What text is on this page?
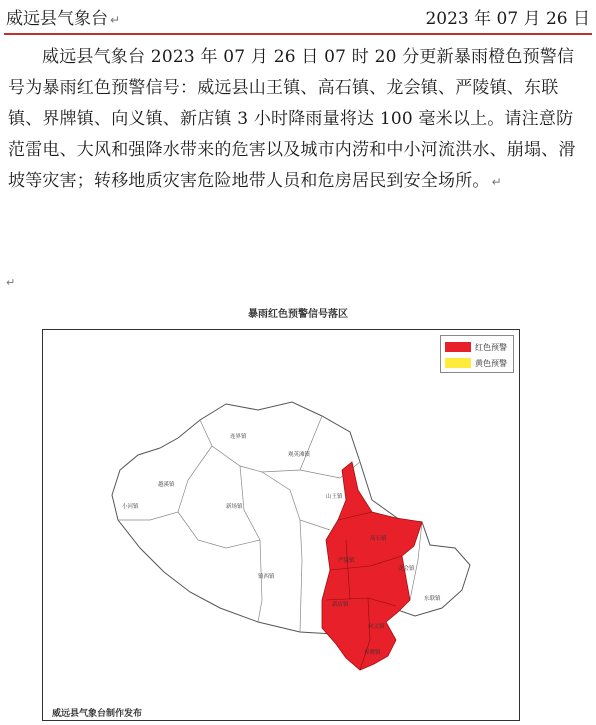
威远县气象台 ↵	2023 年 07 月 26 日

威远县气象台 2023 年 07 月 26 日 07 时 20 分更新暴雨橙色预警信号为暴雨红色预警信号：威远县山王镇、高石镇、龙会镇、严陵镇、东联镇、界牌镇、向义镇、新店镇 3 小时降雨量将达 100 毫米以上。请注意防范雷电、大风和强降水带来的危害以及城市内涝和中小河流洪水、崩塌、滑坡等灾害；转移地质灾害危险地带人员和危房居民到安全场所。 ↵

↵
暴雨红色预警信号落区
连界镇
观英滩镇
越溪镇
小河镇	新场镇
山王镇
高石镇
镇西镇
严陵镇
龙会镇
东联镇
新店镇
向义镇
界牌镇
红色预警
黄色预警
威远县气象台制作发布
